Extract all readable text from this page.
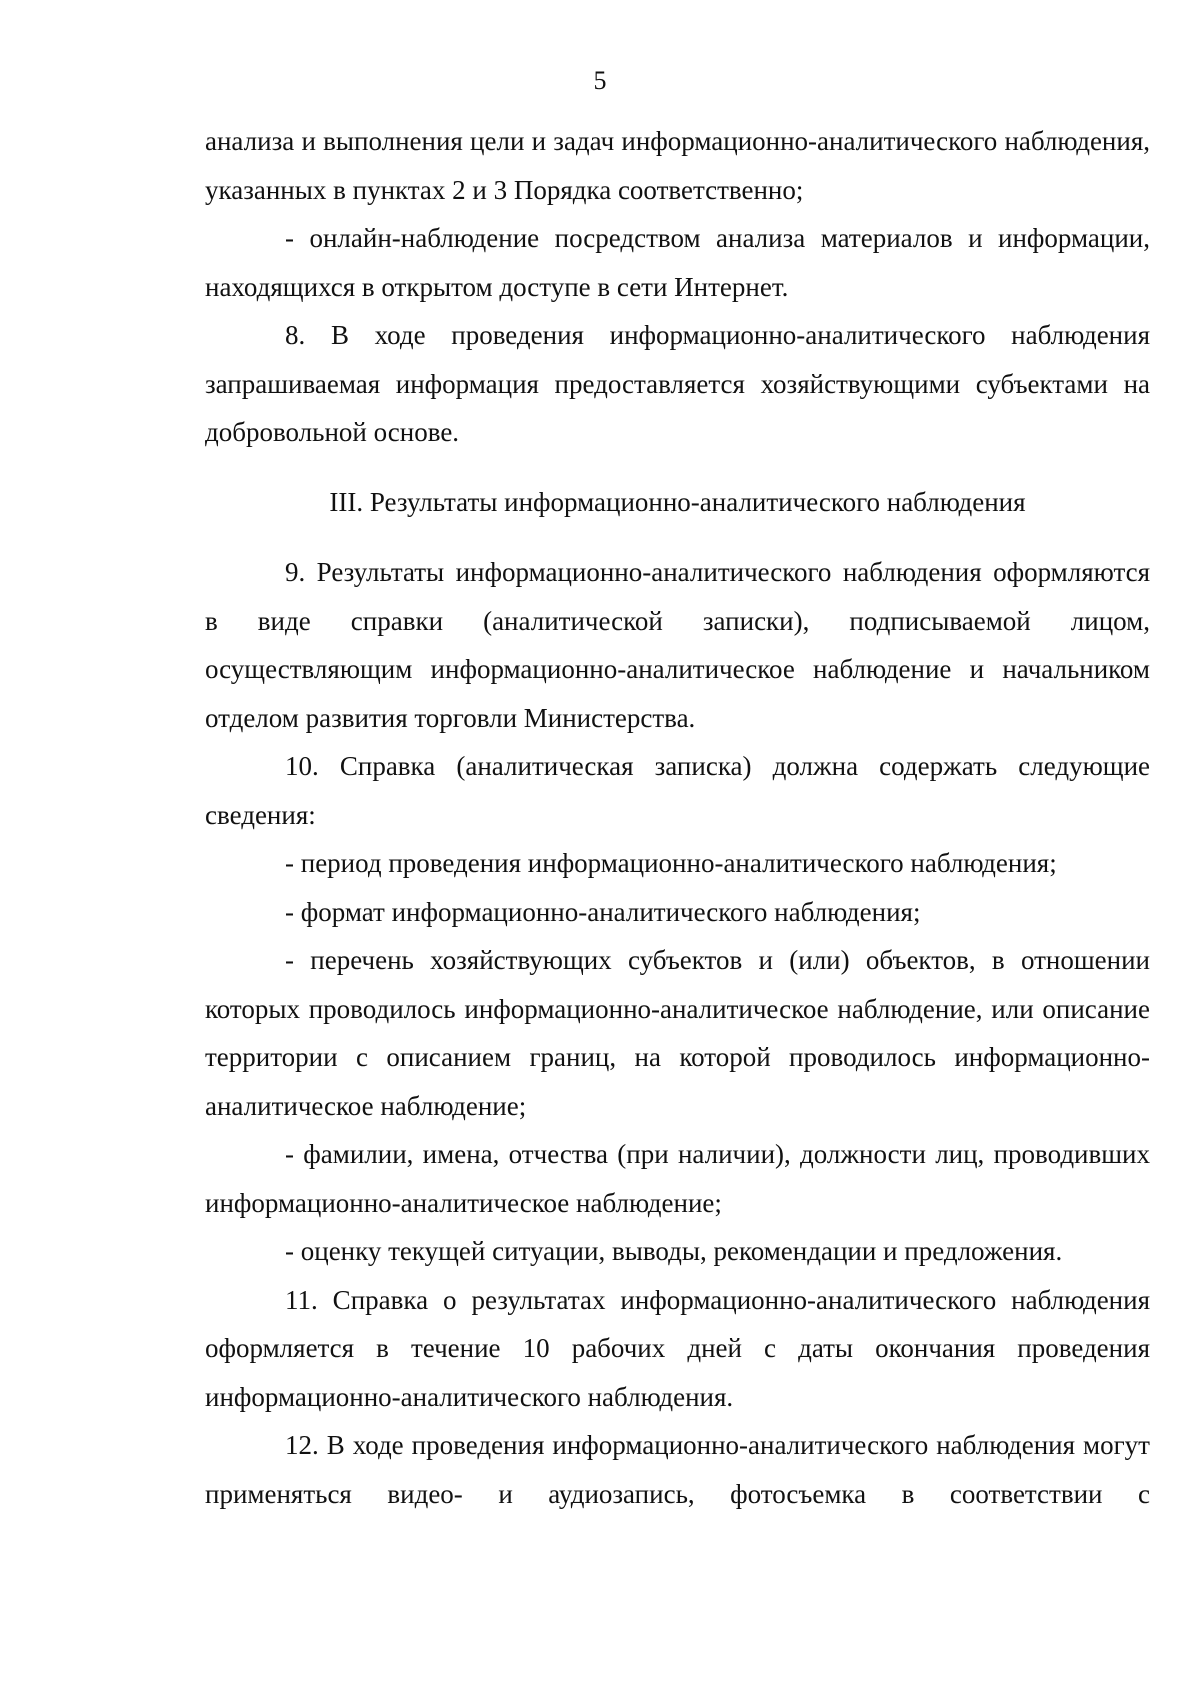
5

анализа и выполнения цели и задач информационно-аналитического наблюдения, указанных в пунктах 2 и 3 Порядка соответственно;

- онлайн-наблюдение посредством анализа материалов и информации, находящихся в открытом доступе в сети Интернет.

8. В ходе проведения информационно-аналитического наблюдения запрашиваемая информация предоставляется хозяйствующими субъектами на добровольной основе.

III. Результаты информационно-аналитического наблюдения

9. Результаты информационно-аналитического наблюдения оформляются в виде справки (аналитической записки), подписываемой лицом, осуществляющим информационно-аналитическое наблюдение и начальником отделом развития торговли Министерства.

10. Справка (аналитическая записка) должна содержать следующие сведения:

- период проведения информационно-аналитического наблюдения;

- формат информационно-аналитического наблюдения;

- перечень хозяйствующих субъектов и (или) объектов, в отношении которых проводилось информационно-аналитическое наблюдение, или описание территории с описанием границ, на которой проводилось информационно-аналитическое наблюдение;

- фамилии, имена, отчества (при наличии), должности лиц, проводивших информационно-аналитическое наблюдение;

- оценку текущей ситуации, выводы, рекомендации и предложения.

11. Справка о результатах информационно-аналитического наблюдения оформляется в течение 10 рабочих дней с даты окончания проведения информационно-аналитического наблюдения.

12. В ходе проведения информационно-аналитического наблюдения могут применяться видео- и аудиозапись, фотосъемка в соответствии с
